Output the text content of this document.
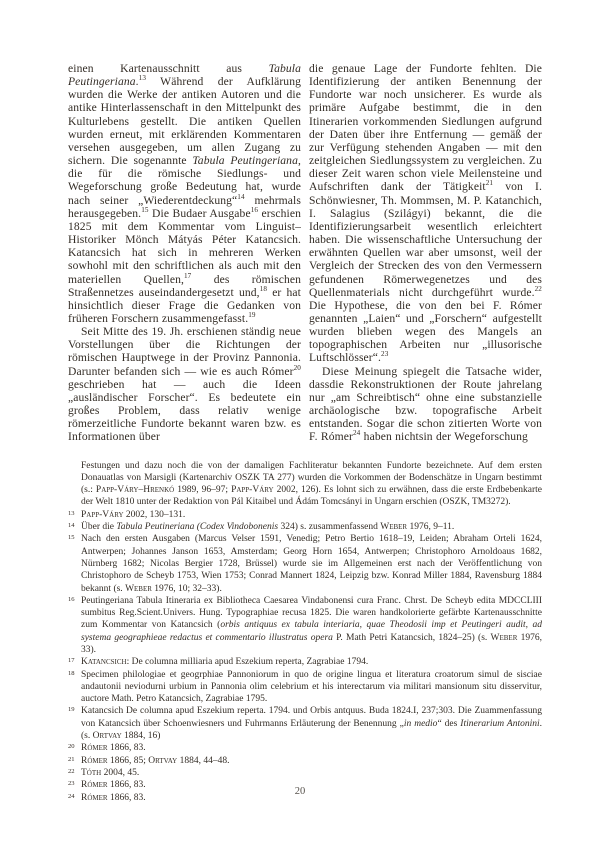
einen Kartenausschnitt aus Tabula Peutingeriana.$^{13}$ Während der Aufklärung wurden die Werke der antiken Autoren und die antike Hinterlassenschaft in den Mittelpunkt des Kulturlebens gestellt. Die antiken Quellen wurden erneut, mit erklärenden Kommentaren versehen ausgegeben, um allen Zugang zu sichern. Die sogenannte Tabula Peutingeriana, die für die römische Siedlungs- und Wegeforschung große Bedeutung hat, wurde nach seiner „Wiederentdeckung“$^{14}$ mehrmals herausgegeben.$^{15}$ Die Budaer Ausgabe$^{16}$ erschien 1825 mit dem Kommentar vom Linguist–Historiker Mönch Mátyás Péter Katancsich. Katancsich hat sich in mehreren Werken sowhohl mit den schriftlichen als auch mit den materiellen Quellen,$^{17}$ des römischen Straßennetzes auseindandergesetzt und,$^{18}$ er hat hinsichtlich dieser Frage die Gedanken von früheren Forschern zusammengefasst.$^{19}$

Seit Mitte des 19. Jh. erschienen ständig neue Vorstellungen über die Richtungen der römischen Hauptwege in der Provinz Pannonia. Darunter befanden sich — wie es auch Rómer$^{20}$ geschrieben hat — auch die Ideen „ausländischer Forscher“. Es bedeutete ein großes Problem, dass relativ wenige römerzeitliche Fundorte bekannt waren bzw. es Informationen über

die genaue Lage der Fundorte fehlten. Die Identifizierung der antiken Benennung der Fundorte war noch unsicherer. Es wurde als primäre Aufgabe bestimmt, die in den Itinerarien vorkommenden Siedlungen aufgrund der Daten über ihre Entfernung — gemäß der zur Verfügung stehenden Angaben — mit den zeitgleichen Siedlungssystem zu vergleichen. Zu dieser Zeit waren schon viele Meilensteine und Aufschriften dank der Tätigkeit$^{21}$ von I. Schönwiesner, Th. Mommsen, M. P. Katanchich, I. Salagius (Szilágyi) bekannt, die die Identifizierungsarbeit wesentlich erleichtert haben. Die wissenschaftliche Untersuchung der erwähnten Quellen war aber umsonst, weil der Vergleich der Strecken des von den Vermessern gefundenen Römerwegenetzes und des Quellenmaterials nicht durchgeführt wurde.$^{22}$ Die Hypothese, die von den bei F. Rómer genannten „Laien“ und „Forschern“ aufgestellt wurden blieben wegen des Mangels an topographischen Arbeiten nur „illusorische Luftschlösser“.$^{23}$

Diese Meinung spiegelt die Tatsache wider, dassdie Rekonstruktionen der Route jahrelang nur „am Schreibtisch“ ohne eine substanzielle archäologische bzw. topografische Arbeit entstanden. Sogar die schon zitierten Worte von F. Rómer$^{24}$ haben nichtsin der Wegeforschung

Festungen und dazu noch die von der damaligen Fachliteratur bekannten Fundorte bezeichnete. Auf dem ersten Donauatlas von Marsigli (Kartenarchiv OSZK TA 277) wurden die Vorkommen der Bodenschätze in Ungarn bestimmt (s.: Papp-Váry–Hrenkó 1989, 96–97; Papp-Váry 2002, 126). Es lohnt sich zu erwähnen, dass die erste Erdbebenkarte der Welt 1810 unter der Redaktion von Pál Kitaibel und Ádám Tomcsányi in Ungarn erschien (OSZK, TM3272).
13 Papp-Váry 2002, 130–131.
14 Über die Tabula Peutineriana (Codex Vindobonenis 324) s. zusammenfassend Weber 1976, 9–11.
15 Nach den ersten Ausgaben (Marcus Velser 1591, Venedig; Petro Bertio 1618–19, Leiden; Abraham Orteli 1624, Antwerpen; Johannes Janson 1653, Amsterdam; Georg Horn 1654, Antwerpen; Christophoro Arnoldoaus 1682, Nürnberg 1682; Nicolas Bergier 1728, Brüssel) wurde sie im Allgemeinen erst nach der Veröffentlichung von Christophoro de Scheyb 1753, Wien 1753; Conrad Mannert 1824, Leipzig bzw. Konrad Miller 1884, Ravensburg 1884 bekannt (s. Weber 1976, 10; 32–33).
16 Peutingeriana Tabula Itineraria ex Bibliotheca Caesarea Vindabonensi cura Franc. Chrst. De Scheyb edita MDCCLIII sumbitus Reg.Scient.Univers. Hung. Typographiae recusa 1825. Die waren handkolorierte gefärbte Kartenausschnitte zum Kommentar von Katancsich (orbis antiquus ex tabula interiaria, quae Theodosii imp et Peutingeri audit, ad systema geographieae redactus et commentario illustratus opera P. Math Petri Katancsich, 1824–25) (s. Weber 1976, 33).
17 Katancsich: De columna milliaria apud Eszekium reperta, Zagrabiae 1794.
18 Specimen philologiae et geogrphiae Pannoniorum in quo de origine lingua et literatura croatorum simul de sisciae andautonii neviodurni urbium in Pannonia olim celebrium et his interectarum via militari mansionum situ disservitur, auctore Math. Petro Katancsich, Zagrabiae 1795.
19 Katancsich De columna apud Eszekium reperta. 1794. und Orbis antquus. Buda 1824.I, 237;303. Die Zuammenfassung von Katancsich über Schoenwiesners und Fuhrmanns Erläuterung der Benennung „in medio“ des Itinerarium Antonini. (s. Ortvay 1884, 16)
20 Rómer 1866, 83.
21 Rómer 1866, 85; Ortvay 1884, 44–48.
22 Tóth 2004, 45.
23 Rómer 1866, 83.
24 Rómer 1866, 83.
20
